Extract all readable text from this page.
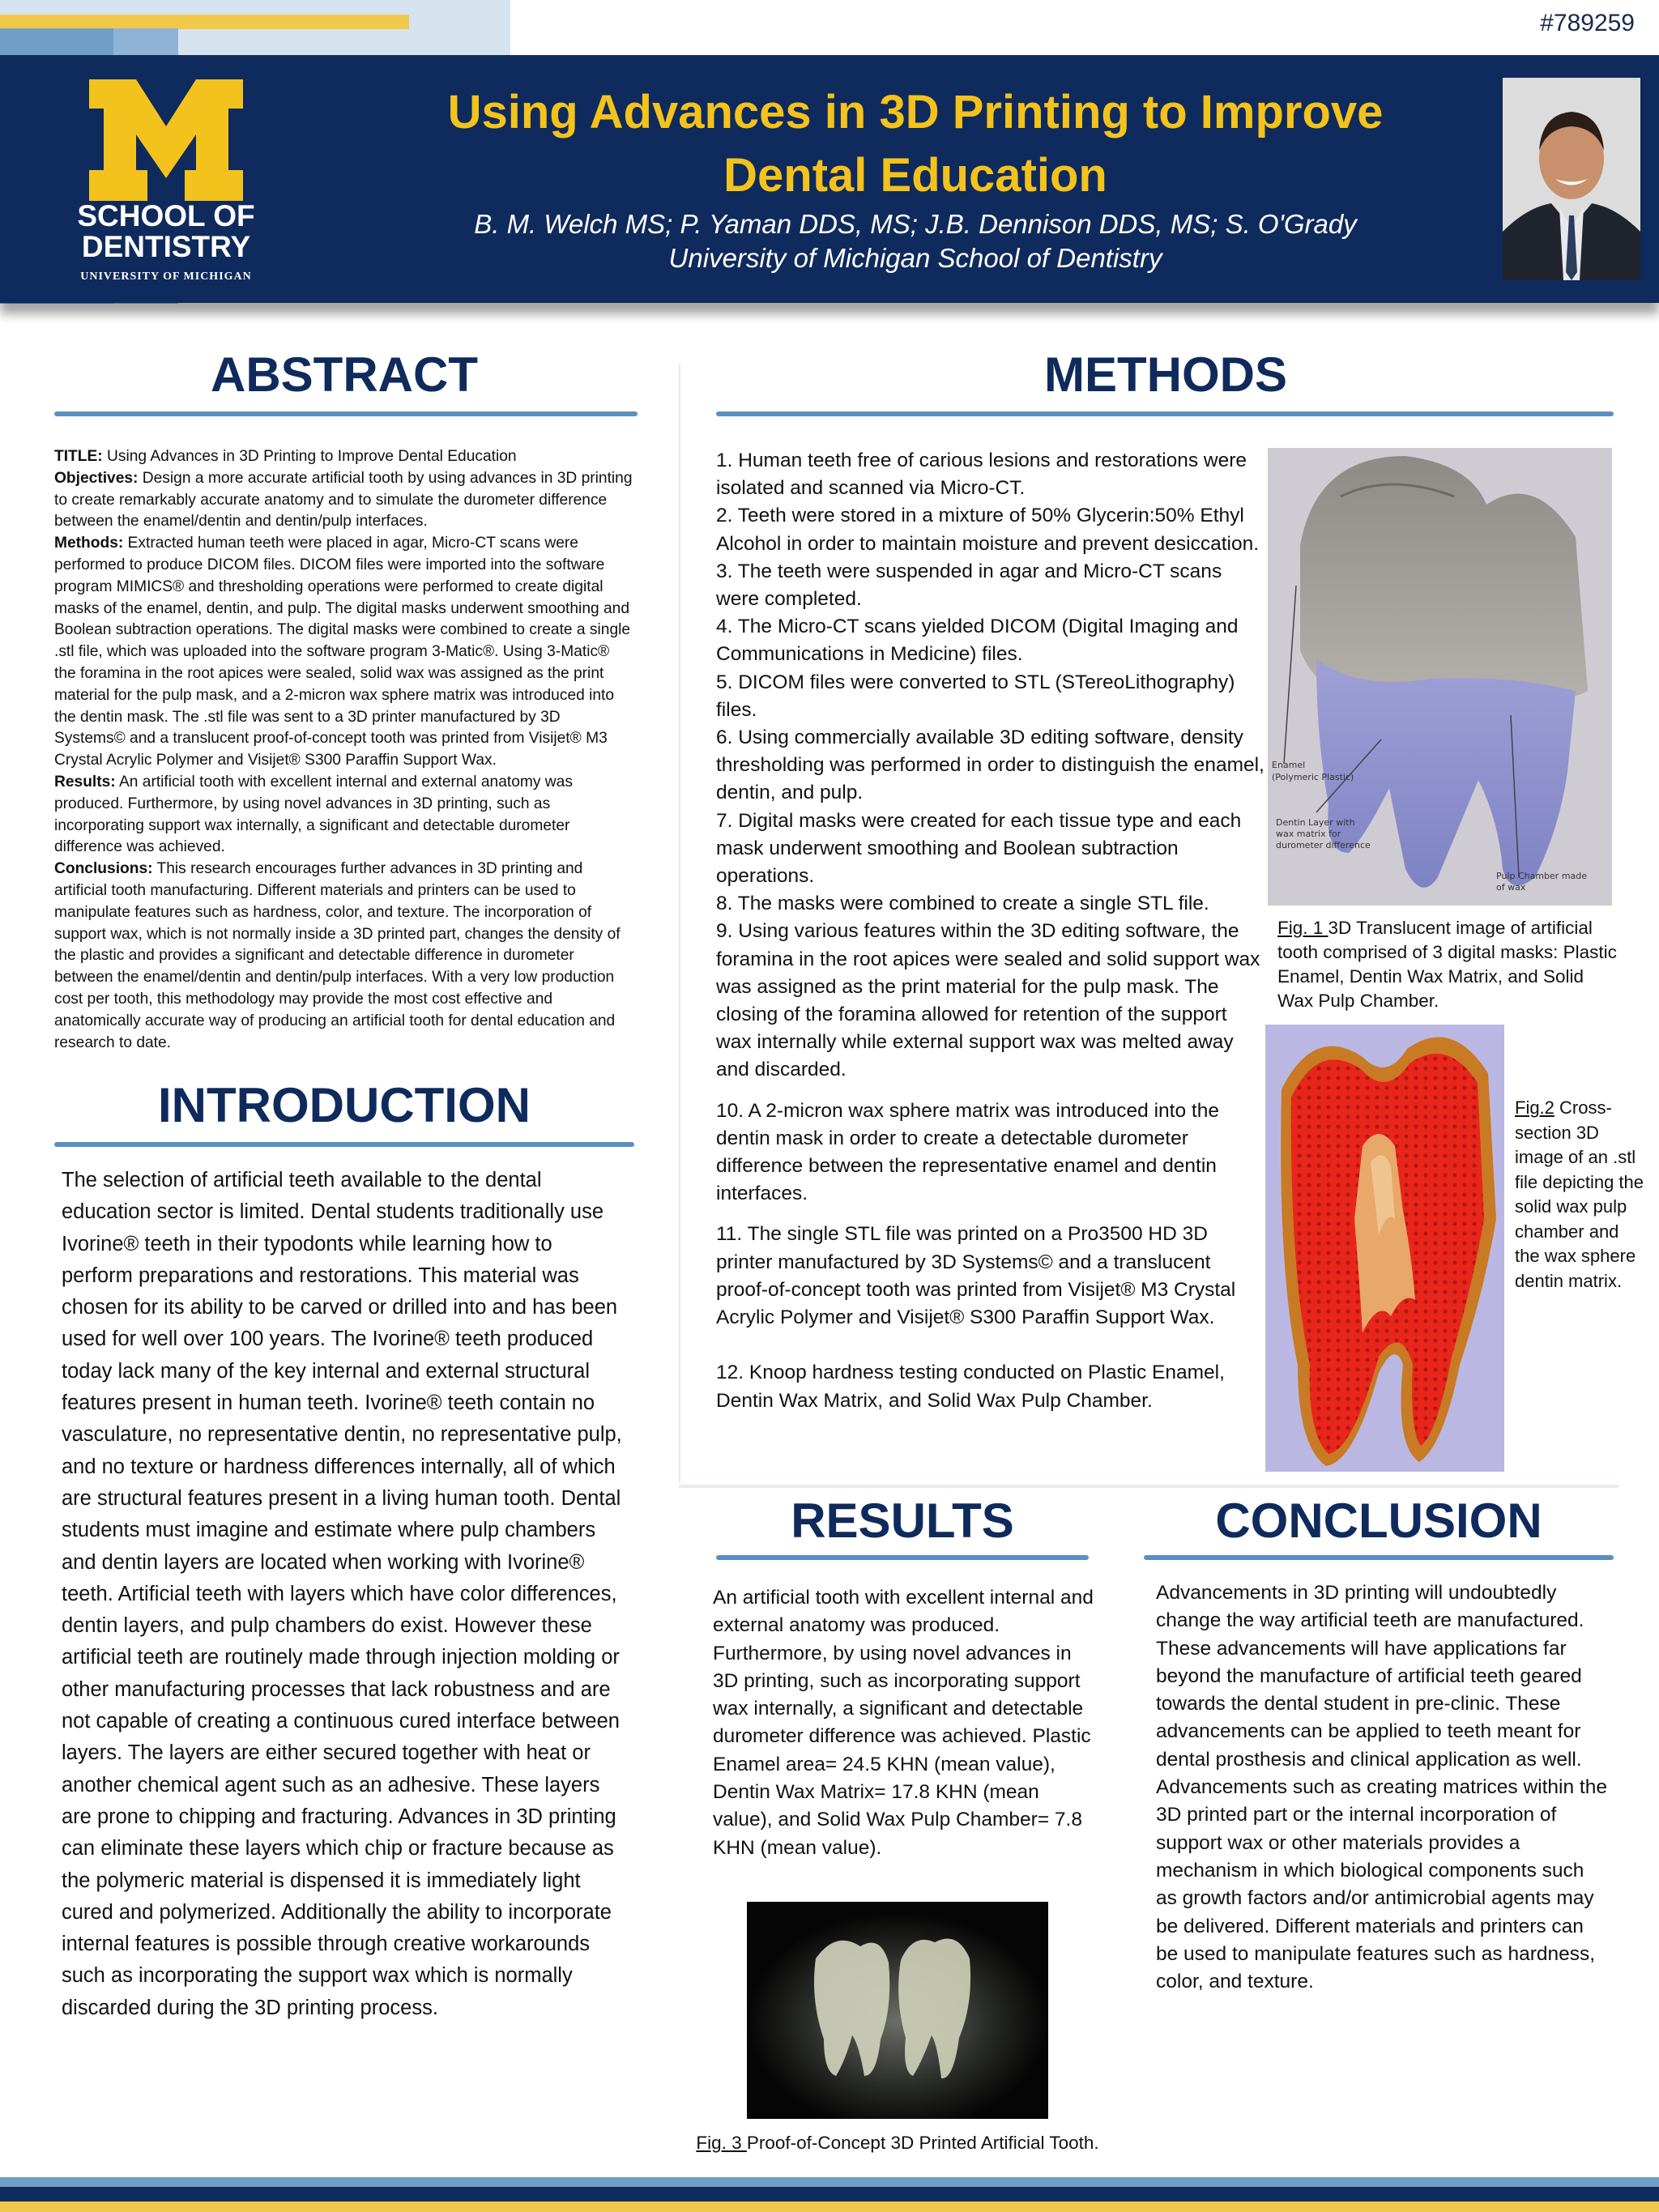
#789259
SCHOOL OF
DENTISTRY
UNIVERSITY OF MICHIGAN
Using Advances in 3D Printing to Improve
Dental Education
B. M. Welch MS; P. Yaman DDS, MS; J.B. Dennison DDS, MS; S. O'Grady
University of Michigan School of Dentistry
ABSTRACT
TITLE: Using Advances in 3D Printing to Improve Dental Education
Objectives: Design a more accurate artificial tooth by using advances in 3D printing to create remarkably accurate anatomy and to simulate the durometer difference between the enamel/dentin and dentin/pulp interfaces.
Methods: Extracted human teeth were placed in agar, Micro-CT scans were performed to produce DICOM files. DICOM files were imported into the software program MIMICS® and thresholding operations were performed to create digital masks of the enamel, dentin, and pulp. The digital masks underwent smoothing and Boolean subtraction operations. The digital masks were combined to create a single .stl file, which was uploaded into the software program 3-Matic®. Using 3-Matic® the foramina in the root apices were sealed, solid wax was assigned as the print material for the pulp mask, and a 2-micron wax sphere matrix was introduced into the dentin mask. The .stl file was sent to a 3D printer manufactured by 3D Systems© and a translucent proof-of-concept tooth was printed from Visijet® M3 Crystal Acrylic Polymer and Visijet® S300 Paraffin Support Wax.
Results: An artificial tooth with excellent internal and external anatomy was produced. Furthermore, by using novel advances in 3D printing, such as incorporating support wax internally, a significant and detectable durometer difference was achieved.
Conclusions: This research encourages further advances in 3D printing and artificial tooth manufacturing. Different materials and printers can be used to manipulate features such as hardness, color, and texture. The incorporation of support wax, which is not normally inside a 3D printed part, changes the density of the plastic and provides a significant and detectable difference in durometer between the enamel/dentin and dentin/pulp interfaces. With a very low production cost per tooth, this methodology may provide the most cost effective and anatomically accurate way of producing an artificial tooth for dental education and research to date.
INTRODUCTION
The selection of artificial teeth available to the dental education sector is limited. Dental students traditionally use Ivorine® teeth in their typodonts while learning how to perform preparations and restorations. This material was chosen for its ability to be carved or drilled into and has been used for well over 100 years. The Ivorine® teeth produced today lack many of the key internal and external structural features present in human teeth. Ivorine® teeth contain no vasculature, no representative dentin, no representative pulp, and no texture or hardness differences internally, all of which are structural features present in a living human tooth. Dental students must imagine and estimate where pulp chambers and dentin layers are located when working with Ivorine® teeth. Artificial teeth with layers which have color differences, dentin layers, and pulp chambers do exist. However these artificial teeth are routinely made through injection molding or other manufacturing processes that lack robustness and are not capable of creating a continuous cured interface between layers. The layers are either secured together with heat or another chemical agent such as an adhesive. These layers are prone to chipping and fracturing. Advances in 3D printing can eliminate these layers which chip or fracture because as the polymeric material is dispensed it is immediately light cured and polymerized. Additionally the ability to incorporate internal features is possible through creative workarounds such as incorporating the support wax which is normally discarded during the 3D printing process.
METHODS

1. Human teeth free of carious lesions and restorations were isolated and scanned via Micro-CT.

2. Teeth were stored in a mixture of 50% Glycerin:50% Ethyl Alcohol in order to maintain moisture and prevent desiccation.

3. The teeth were suspended in agar and Micro-CT scans were completed.

4. The Micro-CT scans yielded DICOM (Digital Imaging and Communications in Medicine) files.

5. DICOM files were converted to STL (STereoLithography) files.

6. Using commercially available 3D editing software, density thresholding was performed in order to distinguish the enamel, dentin, and pulp.

7. Digital masks were created for each tissue type and each mask underwent smoothing and Boolean subtraction operations.

8. The masks were combined to create a single STL file.

9. Using various features within the 3D editing software, the foramina in the root apices were sealed and solid support wax was assigned as the print material for the pulp mask. The closing of the foramina allowed for retention of the support wax internally while external support wax was melted away and discarded.

10. A 2-micron wax sphere matrix was introduced into the dentin mask in order to create a detectable durometer difference between the representative enamel and dentin interfaces.

11. The single STL file was printed on a Pro3500 HD 3D printer manufactured by 3D Systems© and a translucent proof-of-concept tooth was printed from Visijet® M3 Crystal Acrylic Polymer and Visijet® S300 Paraffin Support Wax.

12. Knoop hardness testing conducted on Plastic Enamel, Dentin Wax Matrix, and Solid Wax Pulp Chamber.

Enamel
(Polymeric Plastic)
Dentin Layer with
wax matrix for
durometer difference
Pulp Chamber made
of wax
Fig. 1 3D Translucent image of artificial tooth comprised of 3 digital masks: Plastic Enamel, Dentin Wax Matrix, and Solid Wax Pulp Chamber.
Fig.2 Cross-section 3D image of an .stl file depicting the solid wax pulp chamber and the wax sphere dentin matrix.
RESULTS
An artificial tooth with excellent internal and external anatomy was produced. Furthermore, by using novel advances in 3D printing, such as incorporating support wax internally, a significant and detectable durometer difference was achieved. Plastic Enamel area= 24.5 KHN (mean value), Dentin Wax Matrix= 17.8 KHN (mean value), and Solid Wax Pulp Chamber= 7.8 KHN (mean value).
Fig. 3 Proof-of-Concept 3D Printed Artificial Tooth.
CONCLUSION
Advancements in 3D printing will undoubtedly change the way artificial teeth are manufactured. These advancements will have applications far beyond the manufacture of artificial teeth geared towards the dental student in pre-clinic. These advancements can be applied to teeth meant for dental prosthesis and clinical application as well. Advancements such as creating matrices within the 3D printed part or the internal incorporation of support wax or other materials provides a mechanism in which biological components such as growth factors and/or antimicrobial agents may be delivered. Different materials and printers can be used to manipulate features such as hardness, color, and texture.
